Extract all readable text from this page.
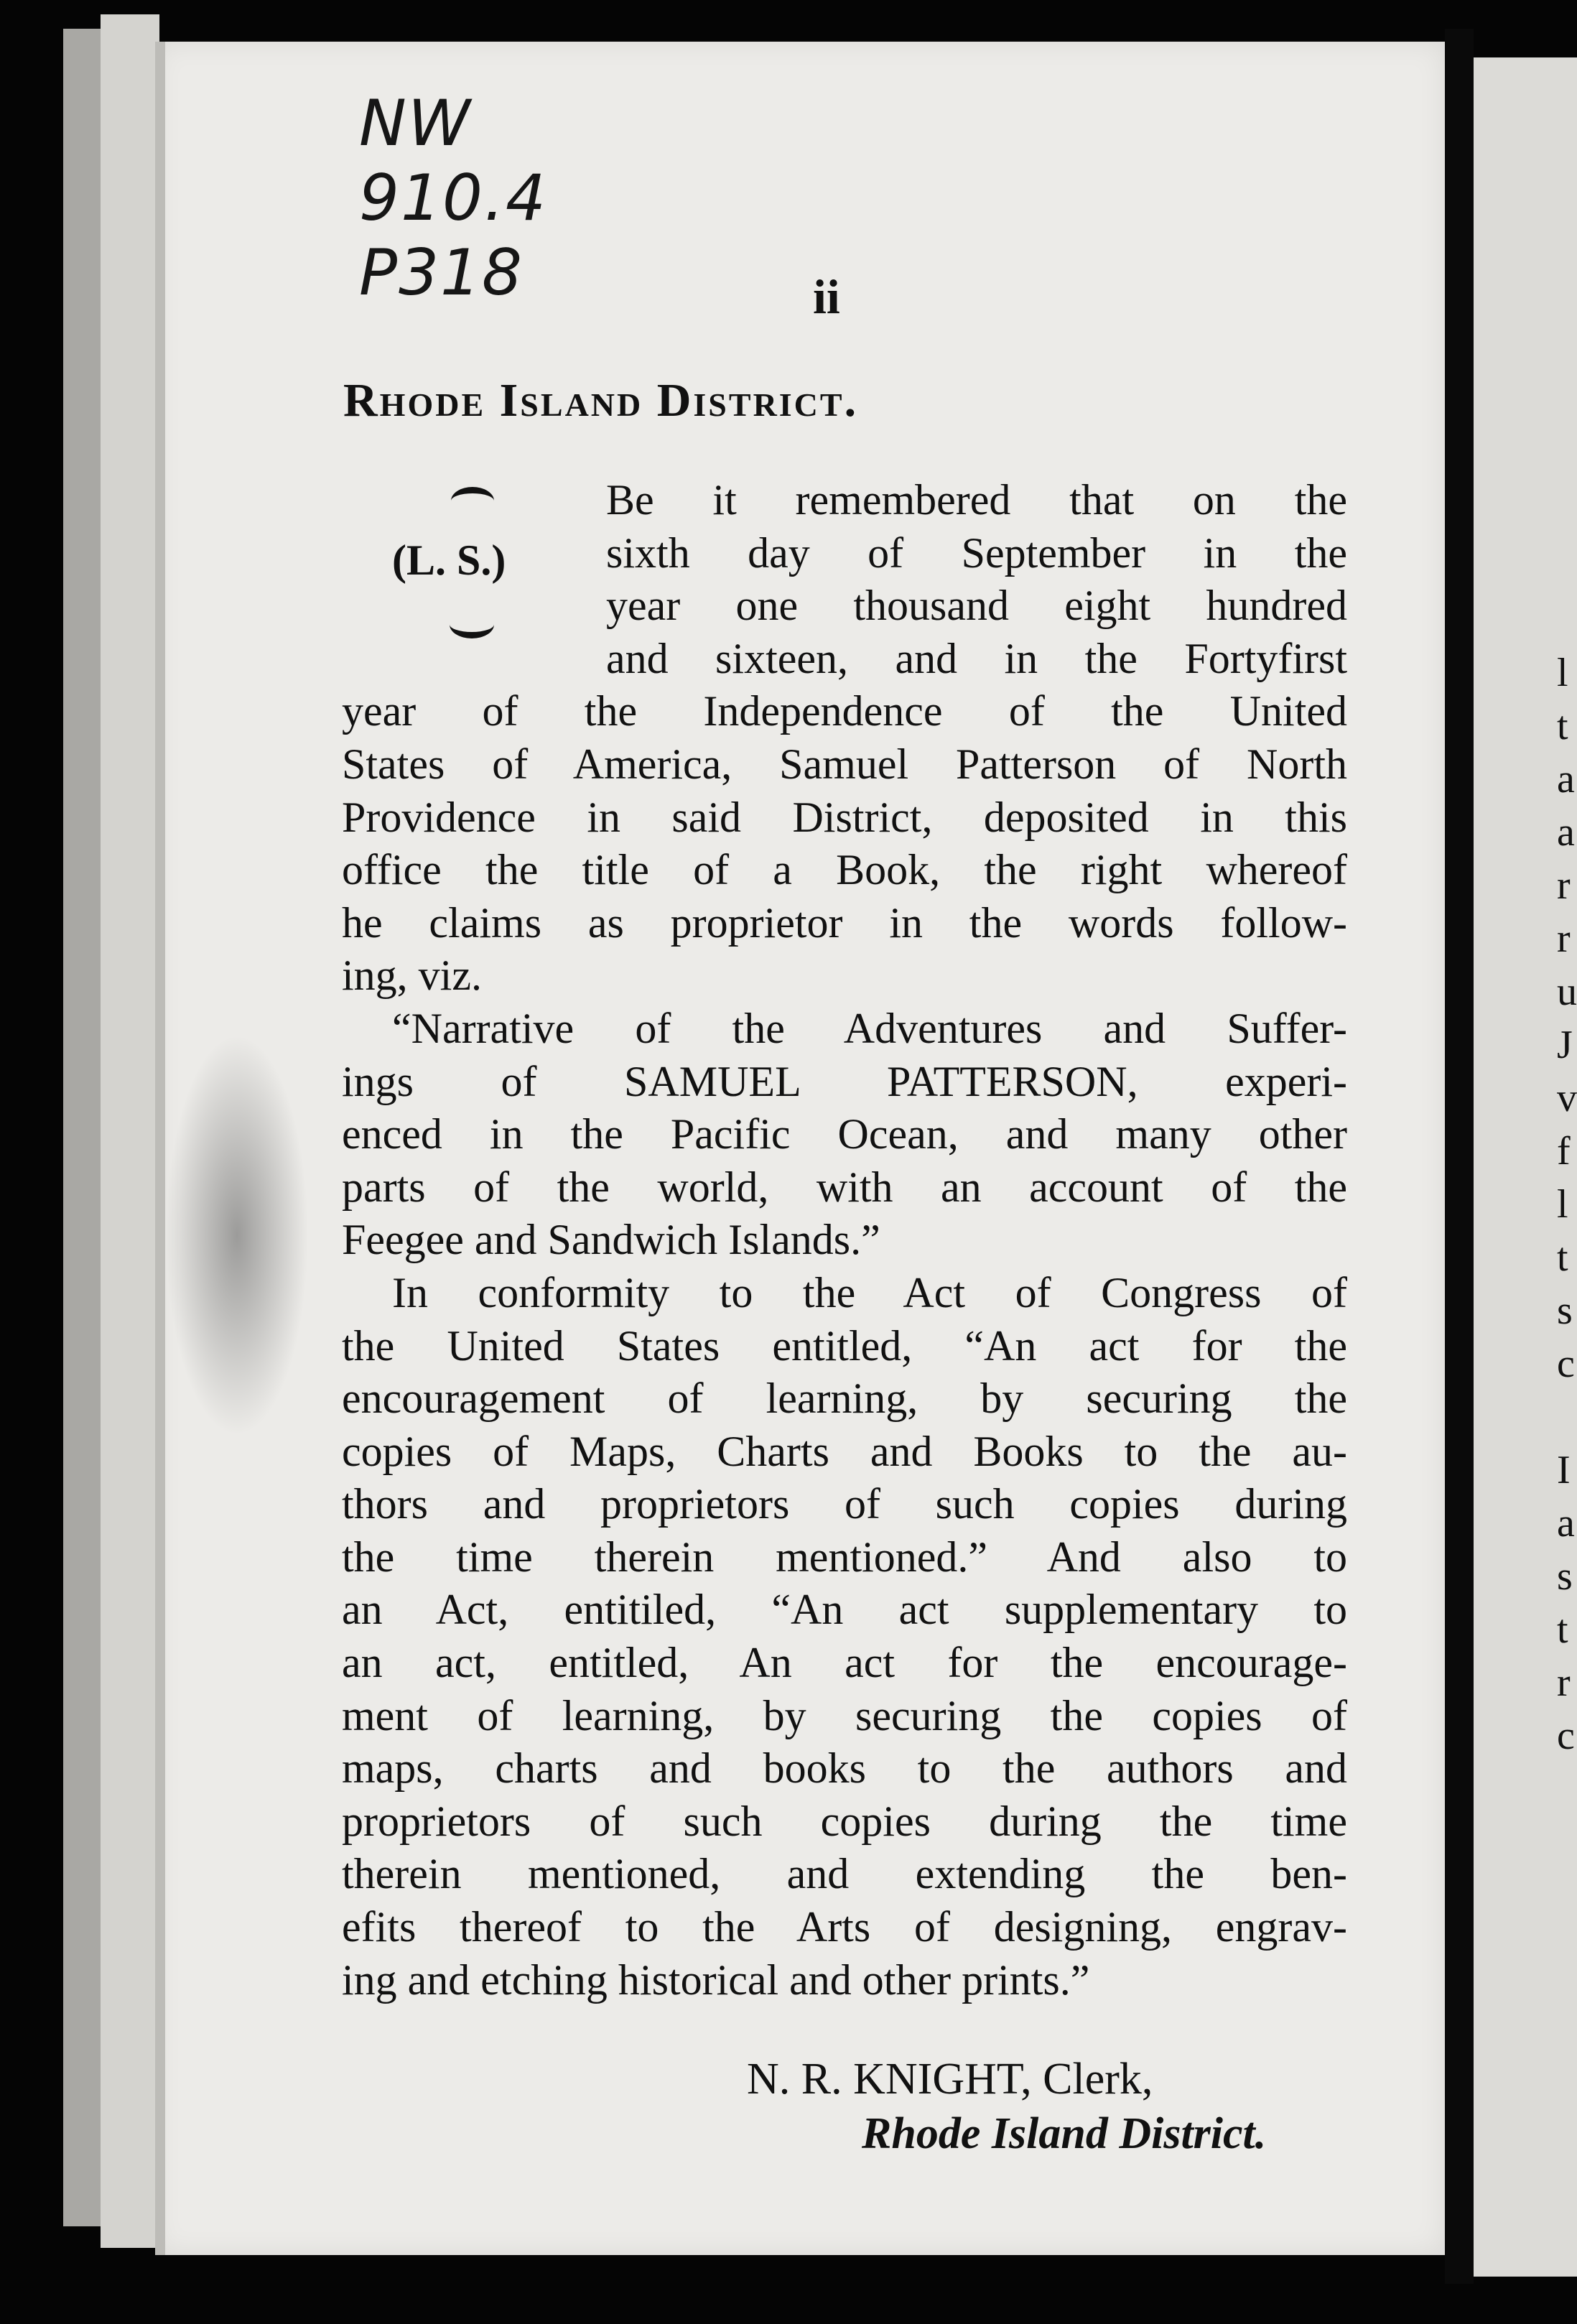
NW
910.4
P318	ii
Rhode Island District.
(L. S.)
Be it remembered that on the
sixth day of September in the
year one thousand eight hundred
and sixteen, and in the Fortyfirst
year of the Independence of the United
States of America, Samuel Patterson of North
Providence in said District, deposited in this
office the title of a Book, the right whereof
he claims as proprietor in the words follow-
ing, viz.
“Narrative of the Adventures and Suffer-
ings of SAMUEL PATTERSON, experi-
enced in the Pacific Ocean, and many other
parts of the world, with an account of the
Feegee and Sandwich Islands.”
In conformity to the Act of Congress of
the United States entitled, “An act for the
encouragement of learning, by securing the
copies of Maps, Charts and Books to the au-
thors and proprietors of such copies during
the time therein mentioned.” And also to
an Act, entitiled, “An act supplementary to
an act, entitled, An act for the encourage-
ment of learning, by securing the copies of
maps, charts and books to the authors and
proprietors of such copies during the time
therein mentioned, and extending the ben-
efits thereof to the Arts of designing, engrav-
ing and etching historical and other prints.”
N. R. KNIGHT, Clerk,
Rhode Island District.
l
t
a
a
r
r
u
J
v
f
l
t
s
c
I
a
s
t
r
c
